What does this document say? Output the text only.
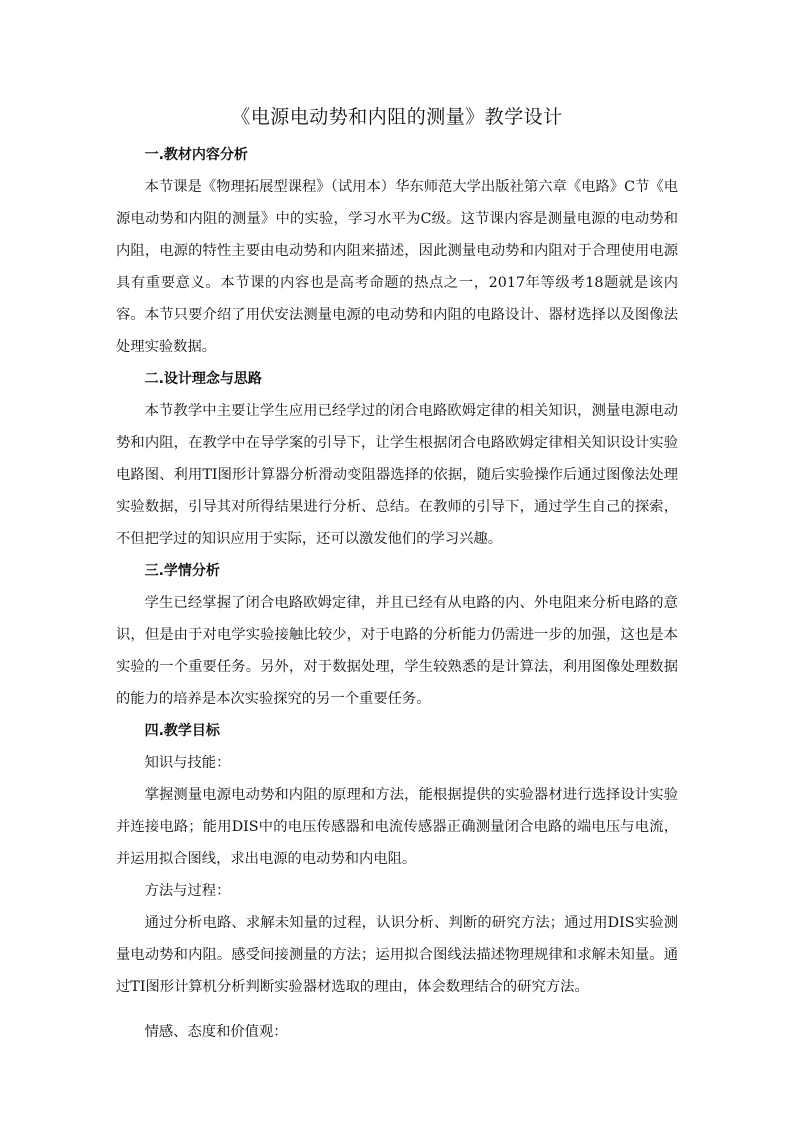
《电源电动势和内阻的测量》教学设计

一.教材内容分析

本节课是《物理拓展型课程》（试用本）华东师范大学出版社第六章《电路》C节《电源电动势和内阻的测量》中的实验，学习水平为C级。这节课内容是测量电源的电动势和内阻，电源的特性主要由电动势和内阻来描述，因此测量电动势和内阻对于合理使用电源具有重要意义。本节课的内容也是高考命题的热点之一，2017年等级考18题就是该内容。本节只要介绍了用伏安法测量电源的电动势和内阻的电路设计、器材选择以及图像法处理实验数据。

二.设计理念与思路

本节教学中主要让学生应用已经学过的闭合电路欧姆定律的相关知识，测量电源电动势和内阻，在教学中在导学案的引导下，让学生根据闭合电路欧姆定律相关知识设计实验电路图、利用TI图形计算器分析滑动变阻器选择的依据，随后实验操作后通过图像法处理实验数据，引导其对所得结果进行分析、总结。在教师的引导下，通过学生自己的探索，不但把学过的知识应用于实际，还可以激发他们的学习兴趣。

三.学情分析

学生已经掌握了闭合电路欧姆定律，并且已经有从电路的内、外电阻来分析电路的意识，但是由于对电学实验接触比较少，对于电路的分析能力仍需进一步的加强，这也是本实验的一个重要任务。另外，对于数据处理，学生较熟悉的是计算法，利用图像处理数据的能力的培养是本次实验探究的另一个重要任务。

四.教学目标

知识与技能：

掌握测量电源电动势和内阻的原理和方法，能根据提供的实验器材进行选择设计实验并连接电路；能用DIS中的电压传感器和电流传感器正确测量闭合电路的端电压与电流，并运用拟合图线，求出电源的电动势和内电阻。

方法与过程：

通过分析电路、求解未知量的过程，认识分析、判断的研究方法；通过用DIS实验测量电动势和内阻。感受间接测量的方法；运用拟合图线法描述物理规律和求解未知量。通过TI图形计算机分析判断实验器材选取的理由，体会数理结合的研究方法。

情感、态度和价值观：
